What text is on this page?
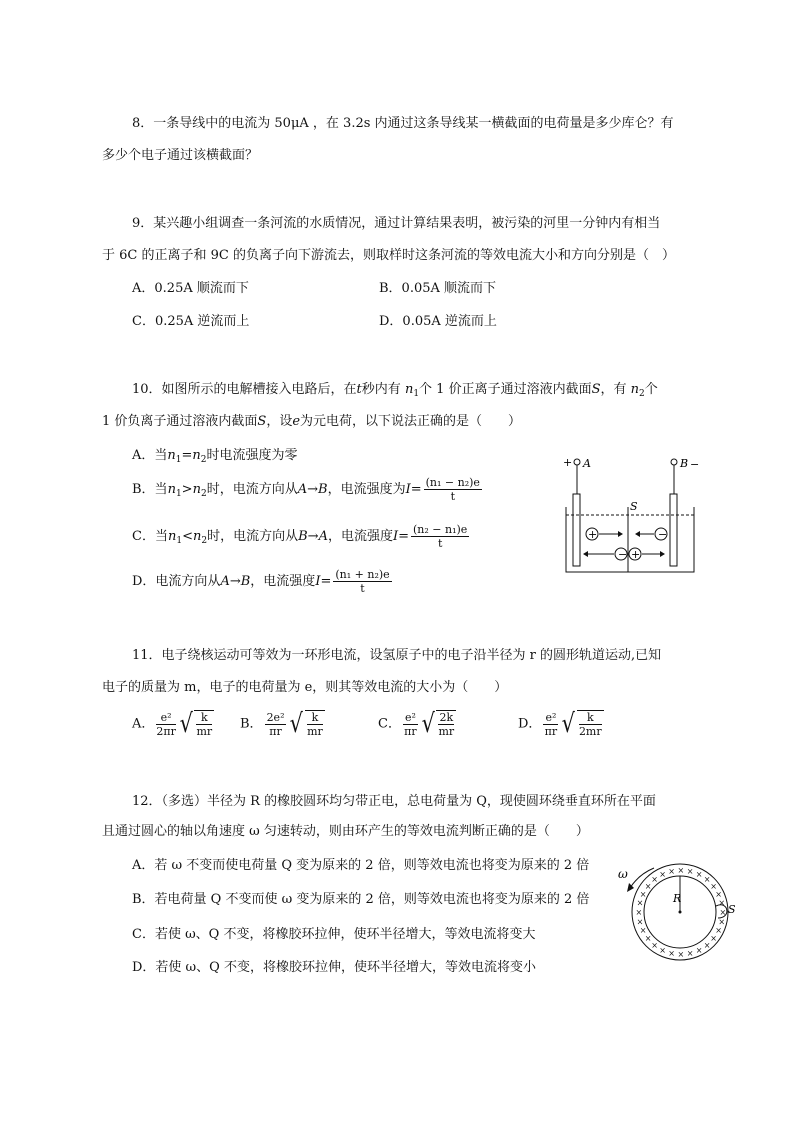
8．一条导线中的电流为 50μA ，在 3.2s 内通过这条导线某一横截面的电荷量是多少库仑？有
多少个电子通过该横截面？
9．某兴趣小组调查一条河流的水质情况，通过计算结果表明，被污染的河里一分钟内有相当
于 6C 的正离子和 9C 的负离子向下游流去，则取样时这条河流的等效电流大小和方向分别是（　）
A．0.25A 顺流而下	B．0.05A 顺流而下
C．0.25A 逆流而上	D．0.05A 逆流而上
10．如图所示的电解槽接入电路后，在t秒内有 $n_1$个 1 价正离子通过溶液内截面S，有 $n_2$个
1 价负离子通过溶液内截面S，设e为元电荷，以下说法正确的是（　　）
A．当$n_1=n_2$时电流强度为零
B．当$n_1>n_2$时，电流方向从A→B，电流强度为$I= \frac{\text{(n₁ − n₂)e}}{t}$
C．当$n_1<n_2$时，电流方向从B→A，电流强度$I= \frac{\text{(n₂ − n₁)e}}{t}$
D．电流方向从A→B，电流强度$I= \frac{\text{(n₁ + n₂)e}}{t}$
+ A	B −
S
+	−
− +
11．电子绕核运动可等效为一环形电流，设氢原子中的电子沿半径为 r 的圆形轨道运动,已知
电子的质量为 m，电子的电荷量为 e，则其等效电流的大小为（　　）
A． $\frac{\text{e²}}{2\pi r}$ √ $\frac{k}{mr}$ B． $\frac{\text{2e²}}{\pi r}$ √ $\frac{k}{mr}$	C． $\frac{\text{e²}}{\pi r}$ √ $\frac{2k}{mr}$	D． $\frac{\text{e²}}{\pi r}$ √ $\frac{k}{2mr}$
12．（多选）半径为 R 的橡胶圆环均匀带正电，总电荷量为 Q，现使圆环绕垂直环所在平面
且通过圆心的轴以角速度 ω 匀速转动，则由环产生的等效电流判断正确的是（　　）
A．若 ω 不变而使电荷量 Q 变为原来的 2 倍，则等效电流也将变为原来的 2 倍
B．若电荷量 Q 不变而使 ω 变为原来的 2 倍，则等效电流也将变为原来的 2 倍
C．若使 ω、Q 不变，将橡胶环拉伸，使环半径增大，等效电流将变大
D．若使 ω、Q 不变，将橡胶环拉伸，使环半径增大，等效电流将变小
ω
×
×
×
×
×
×
×
×
×
×
×
×
×
×
×
×
×
×
×
× × × × ×
×
×
×
×
R
S
